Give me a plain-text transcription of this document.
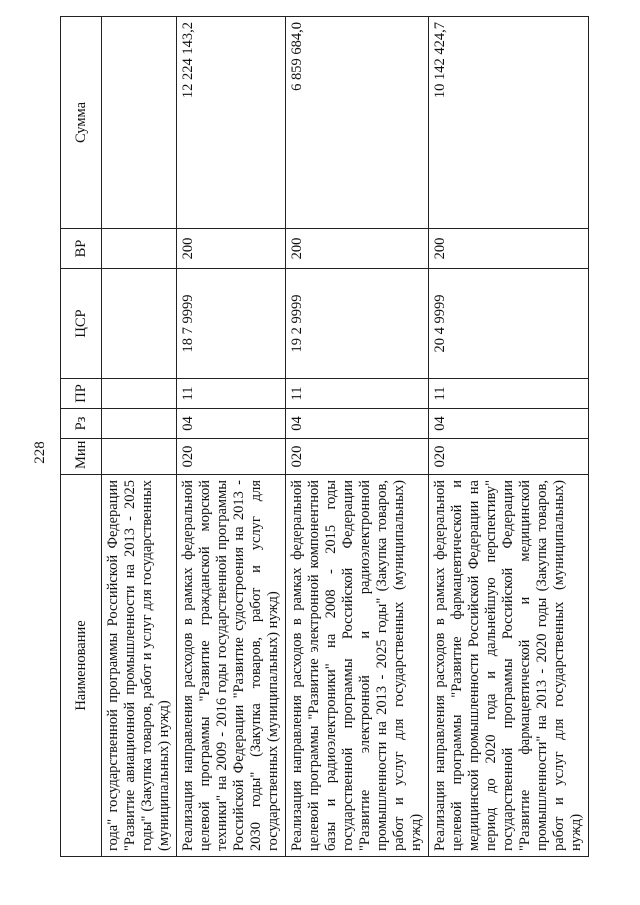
228
Наименование	Мин	Рз	ПР	ЦСР	ВР	Сумма
года" государственной программы Российской Федерации "Развитие авиационной промышленности на 2013 - 2025 годы" (Закупка товаров, работ и услуг для государственных (муниципальных) нужд)						
Реализация направления расходов в рамках федеральной целевой программы "Развитие гражданской морской техники" на 2009 - 2016 годы государственной программы Российской Федерации "Развитие судостроения на 2013 - 2030 годы" (Закупка товаров, работ и услуг для государственных (муниципальных) нужд)	020	04	11	18 7 9999	200	12 224 143,2
Реализация направления расходов в рамках федеральной целевой программы "Развитие электронной компонентной базы и радиоэлектроники" на 2008 - 2015 годы государственной программы Российской Федерации "Развитие электронной и радиоэлектронной промышленности на 2013 - 2025 годы" (Закупка товаров, работ и услуг для государственных (муниципальных) нужд)	020	04	11	19 2 9999	200	6 859 684,0
Реализация направления расходов в рамках федеральной целевой программы "Развитие фармацевтической и медицинской промышленности Российской Федерации на период до 2020 года и дальнейшую перспективу" государственной программы Российской Федерации "Развитие фармацевтической и медицинской промышленности" на 2013 - 2020 годы (Закупка товаров, работ и услуг для государственных (муниципальных) нужд)	020	04	11	20 4 9999	200	10 142 424,7
